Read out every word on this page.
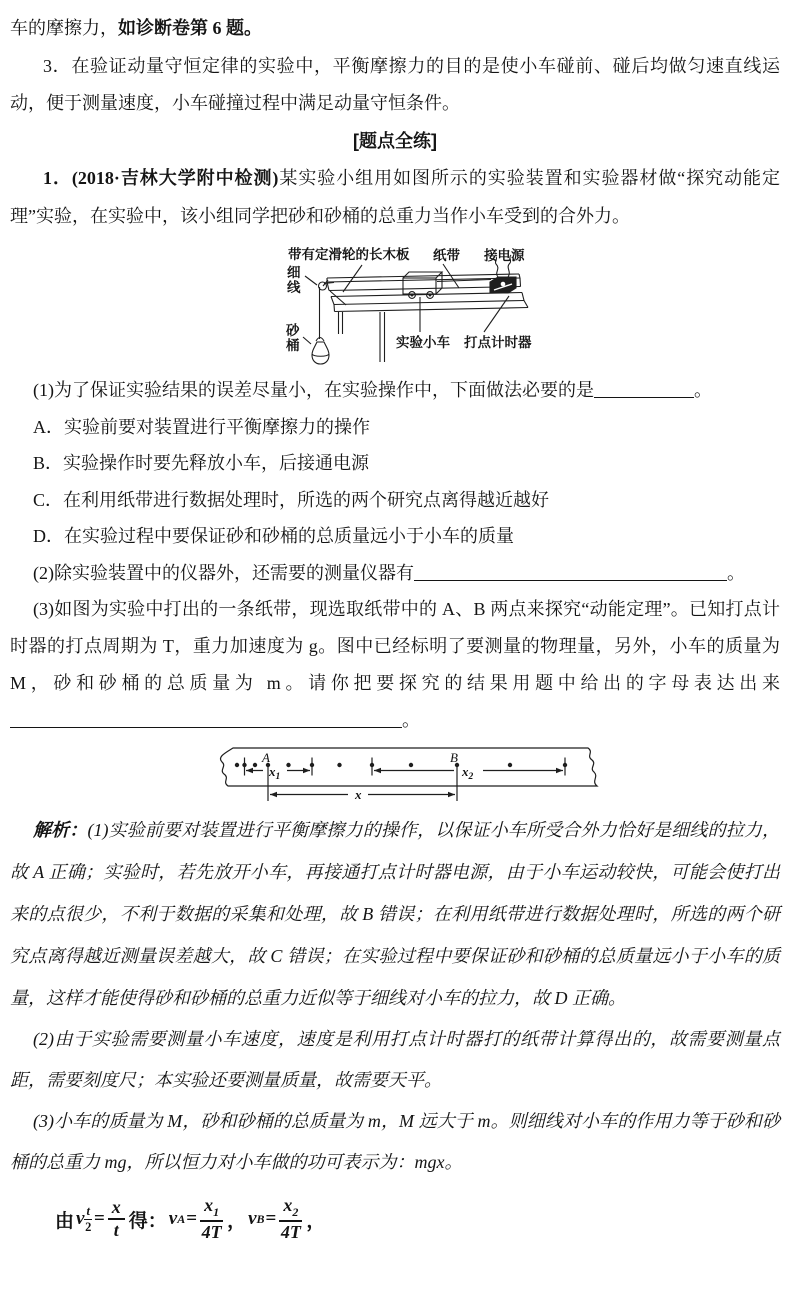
车的摩擦力，如诊断卷第 6 题。

3．在验证动量守恒定律的实验中，平衡摩擦力的目的是使小车碰前、碰后均做匀速直线运动，便于测量速度，小车碰撞过程中满足动量守恒条件。

[题点全练]

1．(2018·吉林大学附中检测)某实验小组用如图所示的实验装置和实验器材做“探究动能定理”实验，在实验中，该小组同学把砂和砂桶的总重力当作小车受到的合外力。

带有定滑轮的长木板 纸带 接电源
细
线
砂
桶	实验小车 打点计时器

(1)为了保证实验结果的误差尽量小，在实验操作中，下面做法必要的是	。

A．实验前要对装置进行平衡摩擦力的操作

B．实验操作时要先释放小车，后接通电源

C．在利用纸带进行数据处理时，所选的两个研究点离得越近越好

D．在实验过程中要保证砂和砂桶的总质量远小于小车的质量

(2)除实验装置中的仪器外，还需要的测量仪器有	。

(3)如图为实验中打出的一条纸带，现选取纸带中的 A、B 两点来探究“动能定理”。已知打点计时器的打点周期为 T，重力加速度为 g。图中已经标明了要测量的物理量，另外，小车的质量为 M，砂和砂桶的总质量为 m。请你把要探究的结果用题中给出的字母表达出来。

A	B
$x_1$	$x_2$
x

解析：(1)实验前要对装置进行平衡摩擦力的操作，以保证小车所受合外力恰好是细线的拉力，故 A 正确；实验时，若先放开小车，再接通打点计时器电源，由于小车运动较快，可能会使打出来的点很少，不利于数据的采集和处理，故 B 错误；在利用纸带进行数据处理时，所选的两个研究点离得越近测量误差越大，故 C 错误；在实验过程中要保证砂和砂桶的总质量远小于小车的质量，这样才能使得砂和砂桶的总重力近似等于细线对小车的拉力，故 D 正确。

(2)由于实验需要测量小车速度，速度是利用打点计时器打的纸带计算得出的，故需要测量点距，需要刻度尺；本实验还要测量质量，故需要天平。

(3)小车的质量为 M，砂和砂桶的总质量为 m，M 远大于 m。则细线对小车的作用力等于砂和砂桶的总重力 mg，所以恒力对小车做的功可表示为：mgx。

由 v $\frac{t}{2} = \frac{x}{t}$ 得： v $A = \frac{x_1}{4T}$ ， v $B = \frac{x_2}{4T}$ ，
